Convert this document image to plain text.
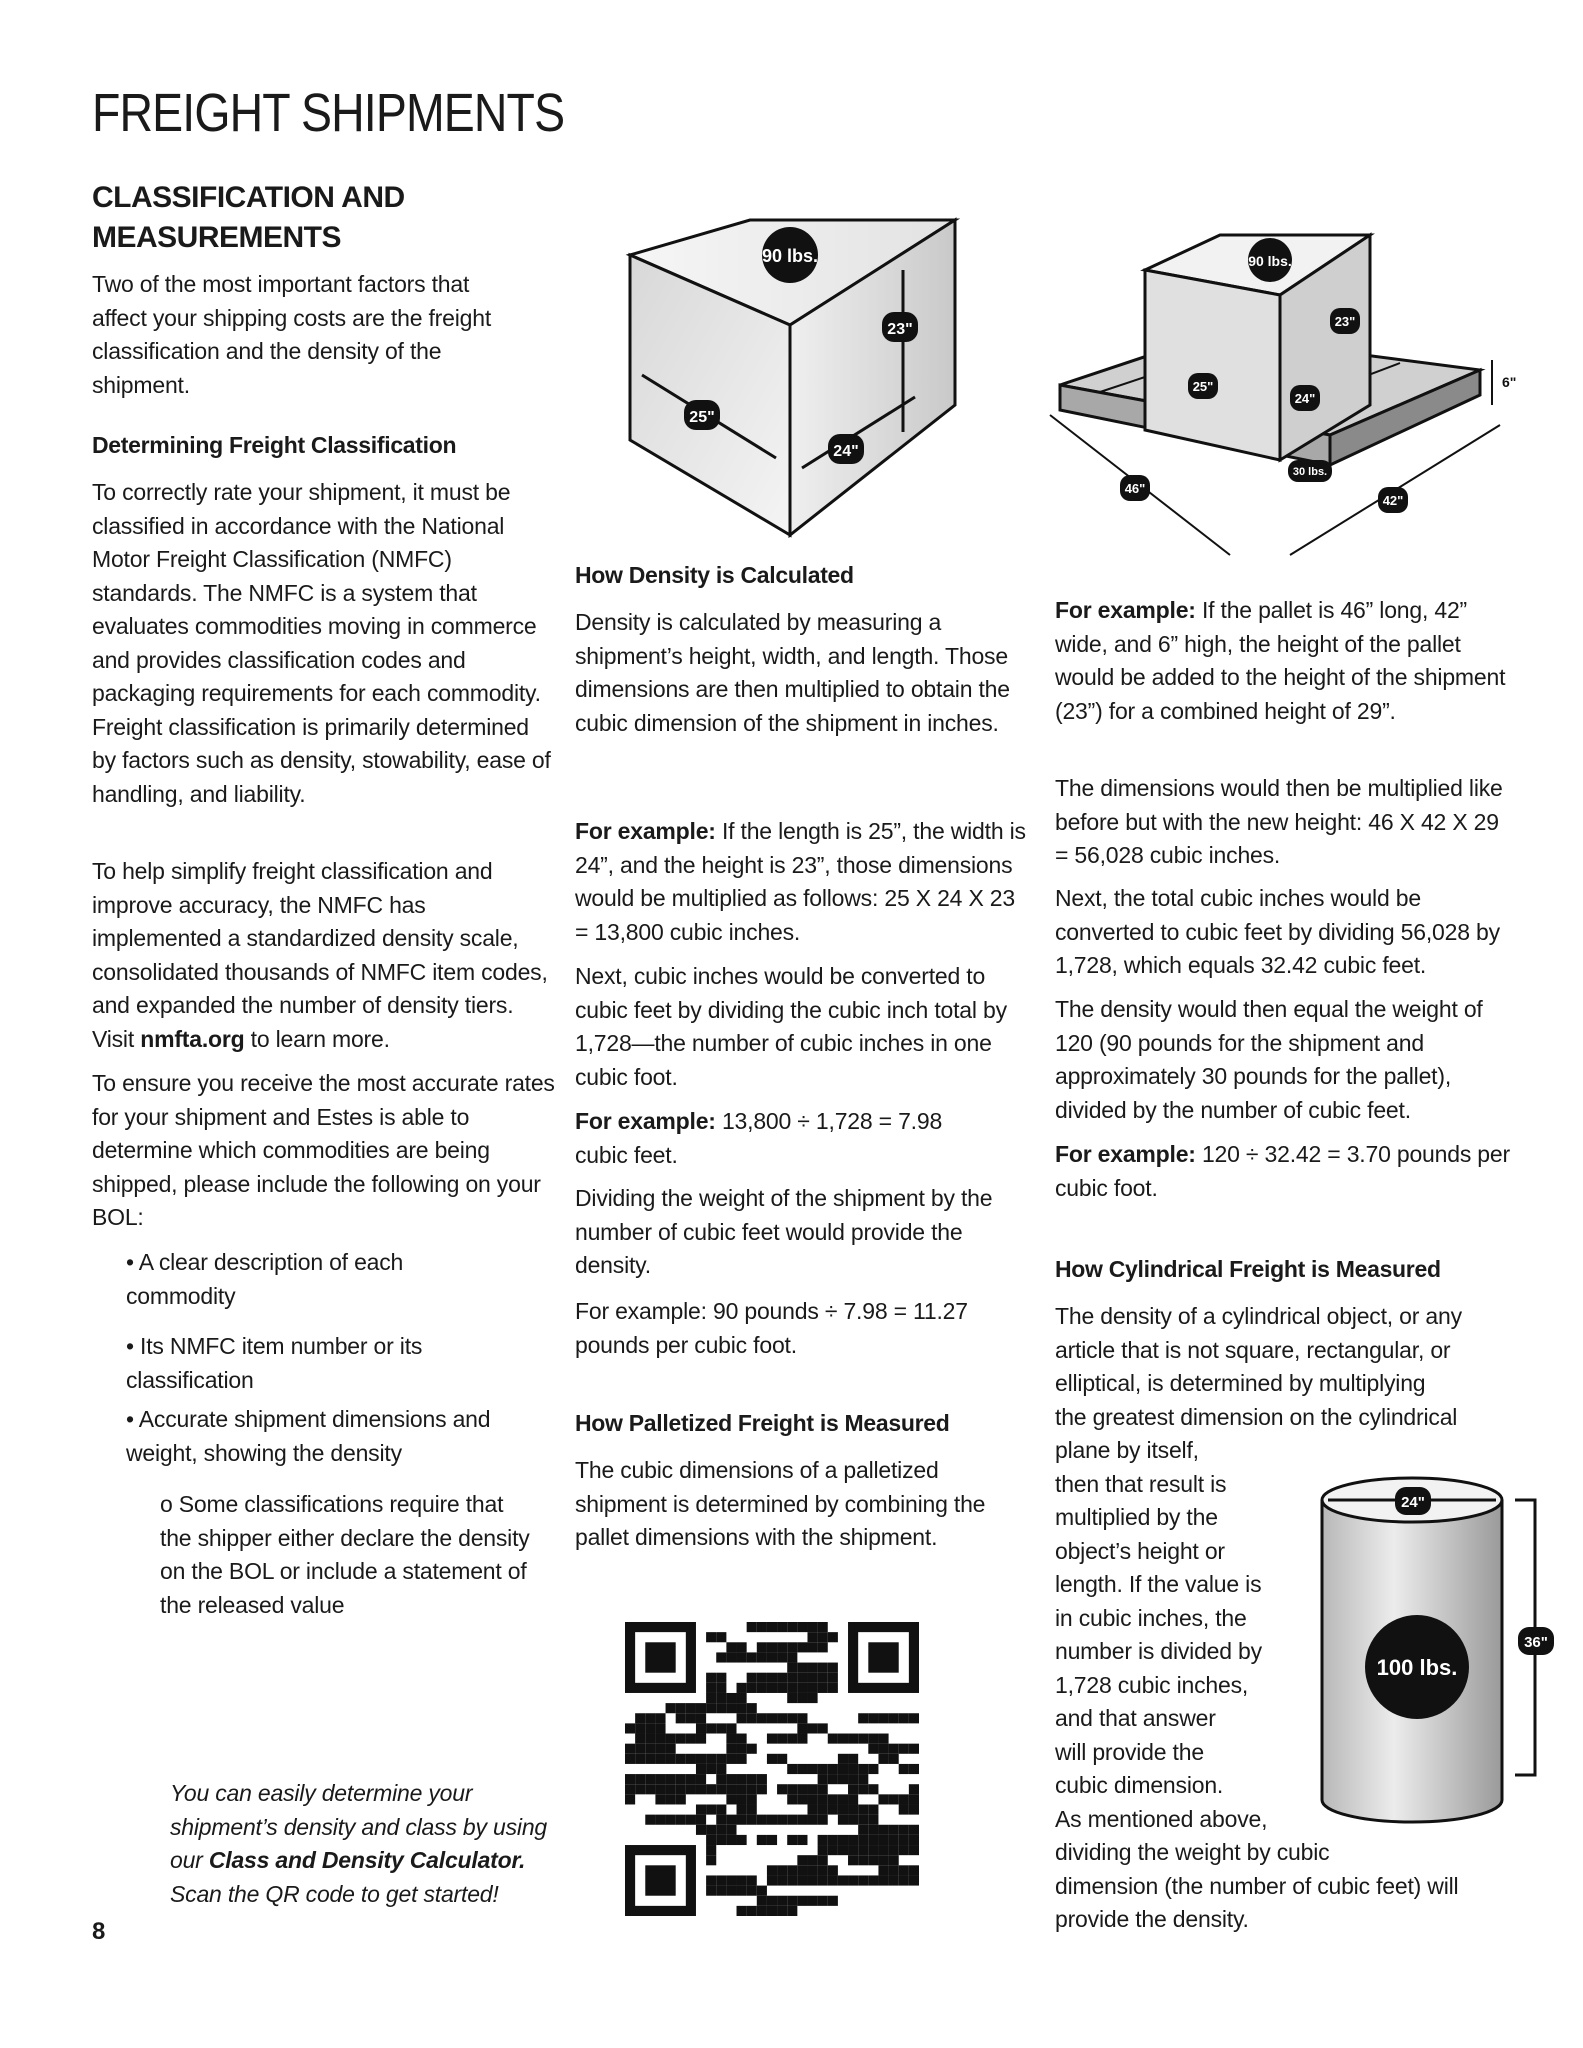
FREIGHT SHIPMENTS
CLASSIFICATION AND MEASUREMENTS

Two of the most important factors that affect your shipping costs are the freight classification and the density of the shipment.

Determining Freight Classification

To correctly rate your shipment, it must be classified in accordance with the National Motor Freight Classification (NMFC) standards. The NMFC is a system that evaluates commodities moving in commerce and provides classification codes and packaging requirements for each commodity. Freight classification is primarily determined by factors such as density, stowability, ease of handling, and liability.

To help simplify freight classification and improve accuracy, the NMFC has implemented a standardized density scale, consolidated thousands of NMFC item codes, and expanded the number of density tiers. Visit nmfta.org to learn more.

To ensure you receive the most accurate rates for your shipment and Estes is able to determine which commodities are being shipped, please include the following on your BOL:

• A clear description of each commodity

• Its NMFC item number or its classification

• Accurate shipment dimensions and weight, showing the density

o Some classifications require that the shipper either declare the density on the BOL or include a statement of the released value

You can easily determine your shipment’s density and class by using our Class and Density Calculator. Scan the QR code to get started!

8
How Density is Calculated

Density is calculated by measuring a shipment’s height, width, and length. Those dimensions are then multiplied to obtain the cubic dimension of the shipment in inches.

For example: If the length is 25”, the width is 24”, and the height is 23”, those dimensions would be multiplied as follows: 25 X 24 X 23 = 13,800 cubic inches.

Next, cubic inches would be converted to cubic feet by dividing the cubic inch total by 1,728—the number of cubic inches in one cubic foot.

For example: 13,800 ÷ 1,728 = 7.98 cubic feet.

Dividing the weight of the shipment by the number of cubic feet would provide the density.

For example: 90 pounds ÷ 7.98 = 11.27 pounds per cubic foot.

How Palletized Freight is Measured

The cubic dimensions of a palletized shipment is determined by combining the pallet dimensions with the shipment.

For example: If the pallet is 46” long, 42” wide, and 6” high, the height of the pallet would be added to the height of the shipment (23”) for a combined height of 29”.

The dimensions would then be multiplied like before but with the new height: 46 X 42 X 29 = 56,028 cubic inches.

Next, the total cubic inches would be converted to cubic feet by dividing 56,028 by 1,728, which equals 32.42 cubic feet.

The density would then equal the weight of 120 (90 pounds for the shipment and approximately 30 pounds for the pallet), divided by the number of cubic feet.

For example: 120 ÷ 32.42 = 3.70 pounds per cubic foot.

How Cylindrical Freight is Measured
The density of a cylindrical object, or any
article that is not square, rectangular, or
elliptical, is determined by multiplying
the greatest dimension on the cylindrical
plane by itself,
then that result is
multiplied by the
object’s height or
length. If the value is
in cubic inches, the
number is divided by
1,728 cubic inches,
and that answer
will provide the
cubic dimension.
As mentioned above,
dividing the weight by cubic
dimension (the number of cubic feet) will
provide the density.
90 lbs.
23"
25"
24"
90 lbs.
23"
25"
24"
30 lbs.
6"
46"
42"
24"
100 lbs.
36"
